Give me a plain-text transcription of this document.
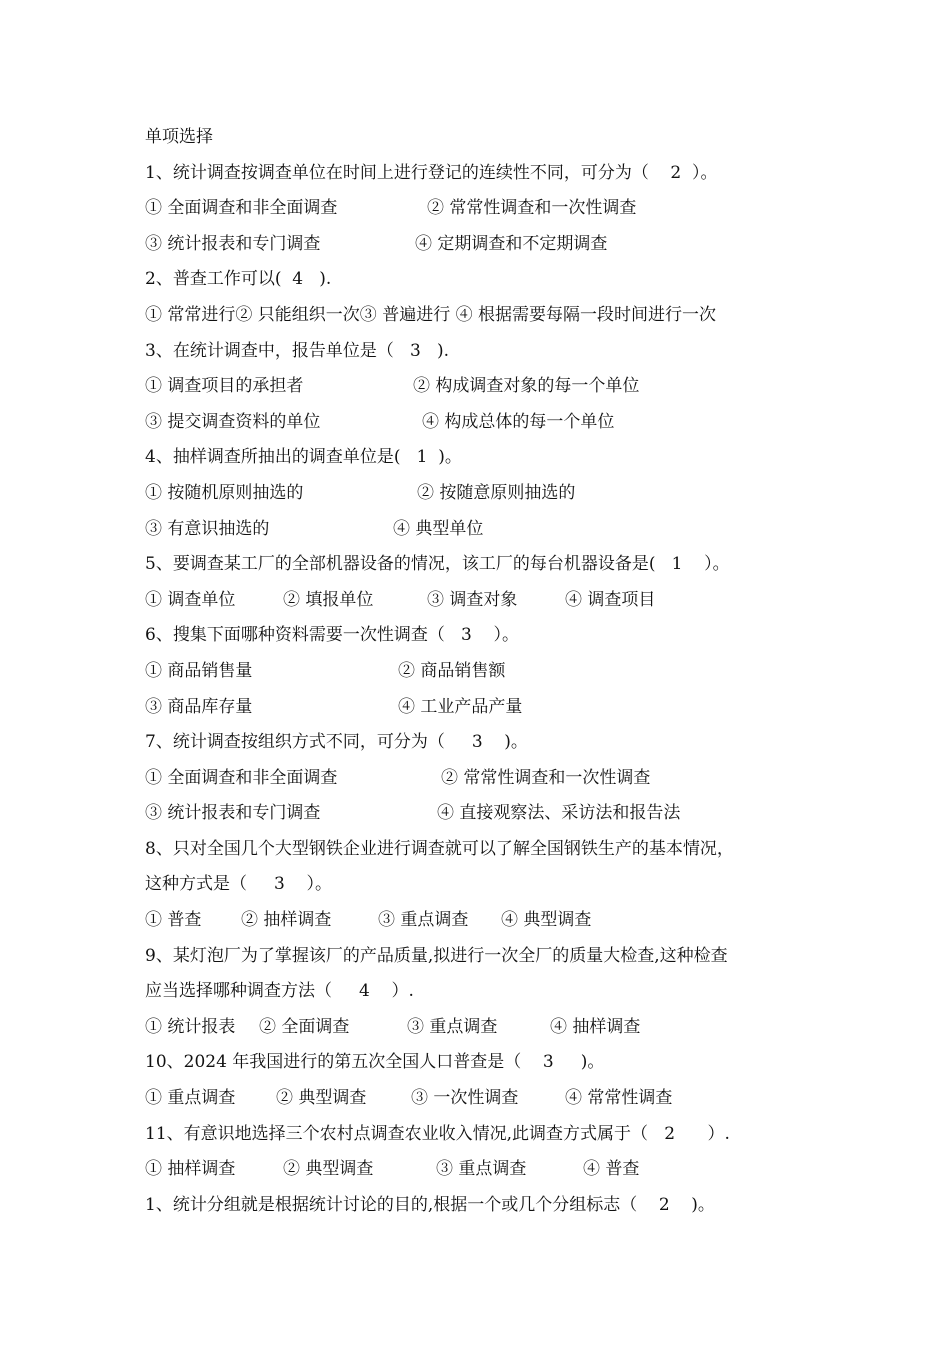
单项选择
1、统计调查按调查单位在时间上进行登记的连续性不同，可分为（    2  ）。

① 全面调查和非全面调查

	② 常常性调查和一次性调查

③ 统计报表和专门调查

	④ 定期调查和不定期调查

2、普查工作可以(  4   ).
① 常常进行② 只能组织一次③ 普遍进行 ④ 根据需要每隔一段时间进行一次
3、在统计调查中，报告单位是（   3   ).

① 调查项目的承担者

	② 构成调查对象的每一个单位

③ 提交调查资料的单位

	④ 构成总体的每一个单位

4、抽样调查所抽出的调查单位是(   1  )。

① 按随机原则抽选的

	② 按随意原则抽选的

③ 有意识抽选的

	④ 典型单位

5、要调查某工厂的全部机器设备的情况，该工厂的每台机器设备是(   1    ）。

① 调查单位

	② 填报单位

	③ 调查对象

	④ 调查项目

6、搜集下面哪种资料需要一次性调查（   3    ）。

① 商品销售量

	② 商品销售额

③ 商品库存量

	④ 工业产品产量

7、统计调查按组织方式不同，可分为（     3    )。

① 全面调查和非全面调查

	② 常常性调查和一次性调查

③ 统计报表和专门调查

	④ 直接观察法、采访法和报告法

8、只对全国几个大型钢铁企业进行调查就可以了解全国钢铁生产的基本情况，
这种方式是（     3    ）。

① 普查

② 抽样调查

	③ 重点调查

④ 典型调查

9、某灯泡厂为了掌握该厂的产品质量,拟进行一次全厂的质量大检查,这种检查
应当选择哪种调查方法（     4    ）.

① 统计报表

② 全面调查

	③ 重点调查

	④ 抽样调查

10、2024 年我国进行的第五次全国人口普查是（    3     )。

① 重点调查

② 典型调查

	③ 一次性调查

	④ 常常性调查

11、有意识地选择三个农村点调查农业收入情况,此调查方式属于（   2      ）.

① 抽样调查

	② 典型调查

	③ 重点调查

	④ 普查

1、统计分组就是根据统计讨论的目的,根据一个或几个分组标志（    2    )。
